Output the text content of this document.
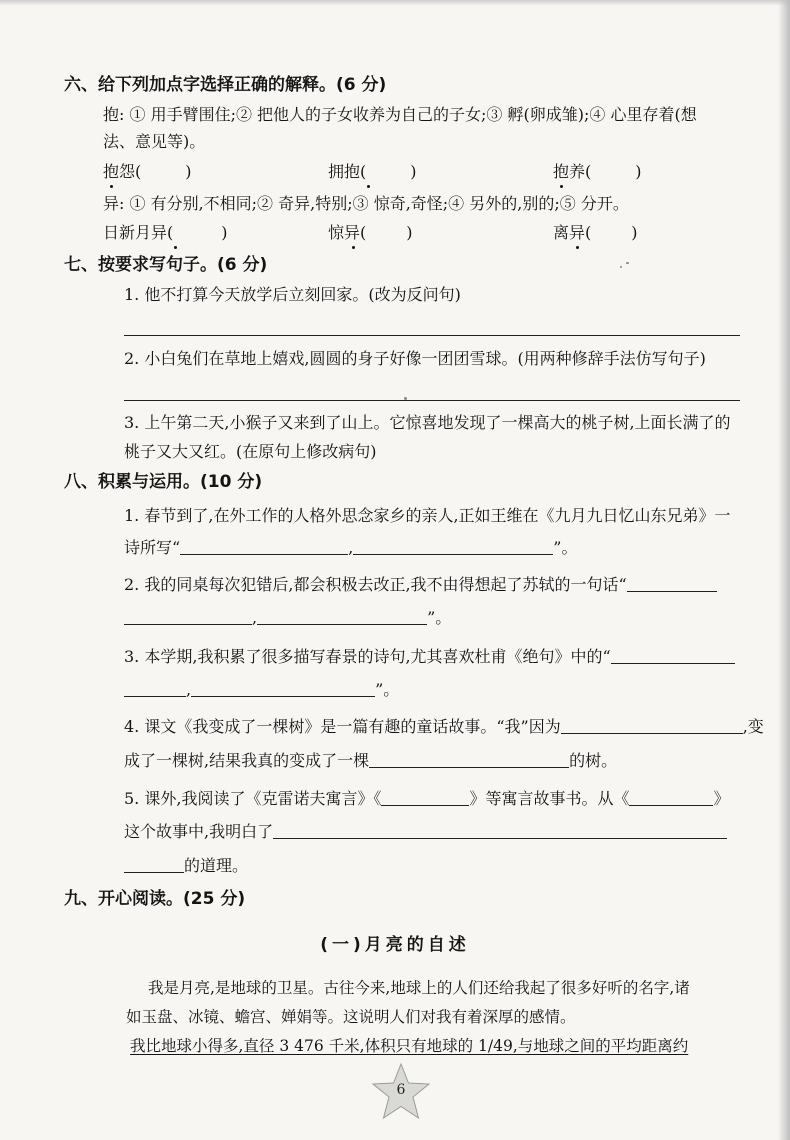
六、给下列加点字选择正确的解释。(6 分)
抱: ① 用手臂围住;② 把他人的子女收养为自己的子女;③ 孵(卵成雏);④ 心里存着(想
法、意见等)。
抱怨(	)	拥抱(	)	抱养(	)
异: ① 有分别,不相同;② 奇异,特别;③ 惊奇,奇怪;④ 另外的,别的;⑤ 分开。
日新月异(	)	惊异(	)	离异(	)
七、按要求写句子。(6 分)
1. 他不打算今天放学后立刻回家。(改为反问句)
2. 小白兔们在草地上嬉戏,圆圆的身子好像一团团雪球。(用两种修辞手法仿写句子)
3. 上午第二天,小猴子又来到了山上。它惊喜地发现了一棵高大的桃子树,上面长满了的
桃子又大又红。(在原句上修改病句)
八、积累与运用。(10 分)
1. 春节到了,在外工作的人格外思念家乡的亲人,正如王维在《九月九日忆山东兄弟》一
诗所写“	,	”。
2. 我的同桌每次犯错后,都会积极去改正,我不由得想起了苏轼的一句话“
,	”。
3. 本学期,我积累了很多描写春景的诗句,尤其喜欢杜甫《绝句》中的“
,	”。
4. 课文《我变成了一棵树》是一篇有趣的童话故事。“我”因为	,变
成了一棵树,结果我真的变成了一棵	的树。
5. 课外,我阅读了《克雷诺夫寓言》《	》等寓言故事书。从《	》
这个故事中,我明白了
的道理。
九、开心阅读。(25 分)
(一)月亮的自述
我是月亮,是地球的卫星。古往今来,地球上的人们还给我起了很多好听的名字,诸
如玉盘、冰镜、蟾宫、婵娟等。这说明人们对我有着深厚的感情。
我比地球小得多,直径 3 476 千米,体积只有地球的 1/49,与地球之间的平均距离约
6
